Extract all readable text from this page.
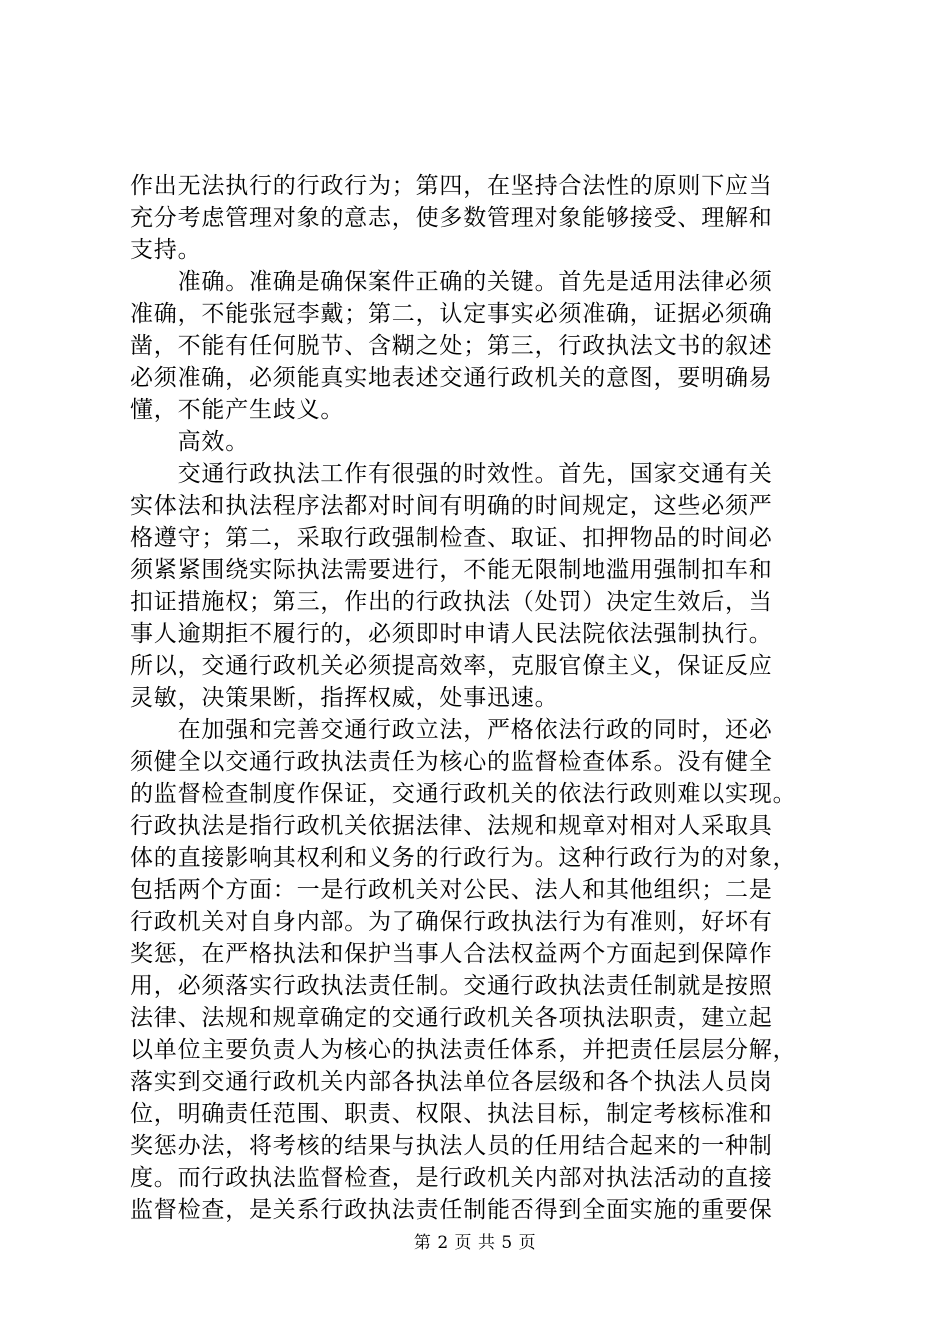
作出无法执行的行政行为；第四，在坚持合法性的原则下应当
充分考虑管理对象的意志，使多数管理对象能够接受、理解和
支持。
　　准确。准确是确保案件正确的关键。首先是适用法律必须
准确，不能张冠李戴；第二，认定事实必须准确，证据必须确
凿，不能有任何脱节、含糊之处；第三，行政执法文书的叙述
必须准确，必须能真实地表述交通行政机关的意图，要明确易
懂，不能产生歧义。
　　高效。
　　交通行政执法工作有很强的时效性。首先，国家交通有关
实体法和执法程序法都对时间有明确的时间规定，这些必须严
格遵守；第二，采取行政强制检查、取证、扣押物品的时间必
须紧紧围绕实际执法需要进行，不能无限制地滥用强制扣车和
扣证措施权；第三，作出的行政执法（处罚）决定生效后，当
事人逾期拒不履行的，必须即时申请人民法院依法强制执行。
所以，交通行政机关必须提高效率，克服官僚主义，保证反应
灵敏，决策果断，指挥权威，处事迅速。
　　在加强和完善交通行政立法，严格依法行政的同时，还必
须健全以交通行政执法责任为核心的监督检查体系。没有健全
的监督检查制度作保证，交通行政机关的依法行政则难以实现。
行政执法是指行政机关依据法律、法规和规章对相对人采取具
体的直接影响其权利和义务的行政行为。这种行政行为的对象，
包括两个方面：一是行政机关对公民、法人和其他组织；二是
行政机关对自身内部。为了确保行政执法行为有准则，好坏有
奖惩，在严格执法和保护当事人合法权益两个方面起到保障作
用，必须落实行政执法责任制。交通行政执法责任制就是按照
法律、法规和规章确定的交通行政机关各项执法职责，建立起
以单位主要负责人为核心的执法责任体系，并把责任层层分解，
落实到交通行政机关内部各执法单位各层级和各个执法人员岗
位，明确责任范围、职责、权限、执法目标，制定考核标准和
奖惩办法，将考核的结果与执法人员的任用结合起来的一种制
度。而行政执法监督检查，是行政机关内部对执法活动的直接
监督检查，是关系行政执法责任制能否得到全面实施的重要保
第 2 页 共 5 页
